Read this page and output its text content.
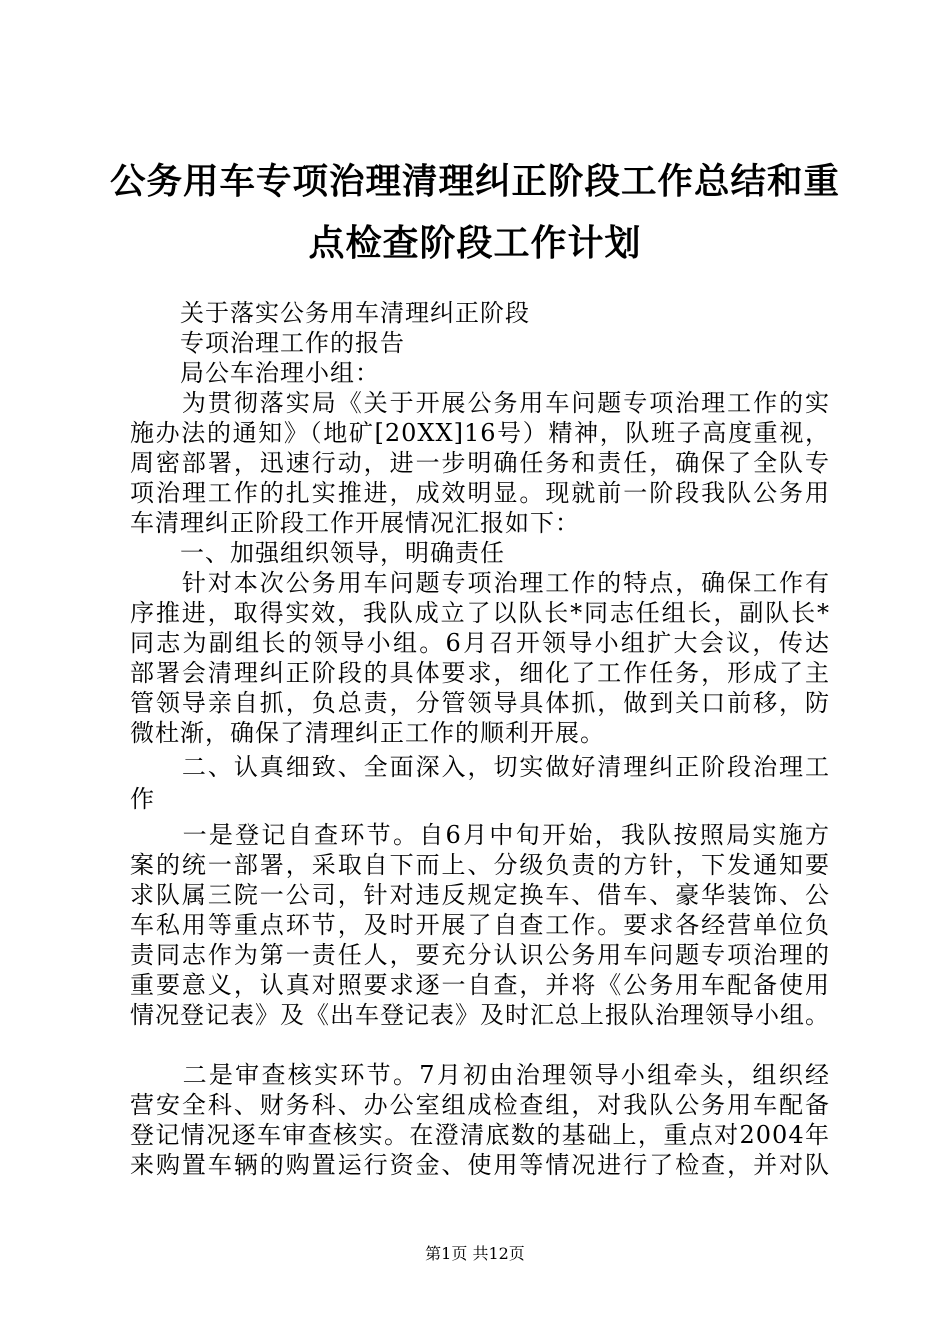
公务用车专项治理清理纠正阶段工作总结和重
点检查阶段工作计划
　　关于落实公务用车清理纠正阶段
　　专项治理工作的报告
　　局公车治理小组：
　　为贯彻落实局《关于开展公务用车问题专项治理工作的实
施办法的通知》（地矿[20XX]16号）精神，队班子高度重视，
周密部署，迅速行动，进一步明确任务和责任，确保了全队专
项治理工作的扎实推进，成效明显。现就前一阶段我队公务用
车清理纠正阶段工作开展情况汇报如下：
　　一、加强组织领导，明确责任
　　针对本次公务用车问题专项治理工作的特点，确保工作有
序推进，取得实效，我队成立了以队长*同志任组长，副队长*
同志为副组长的领导小组。6月召开领导小组扩大会议，传达
部署会清理纠正阶段的具体要求，细化了工作任务，形成了主
管领导亲自抓，负总责，分管领导具体抓，做到关口前移，防
微杜渐，确保了清理纠正工作的顺利开展。
　　二、认真细致、全面深入，切实做好清理纠正阶段治理工
作
　　一是登记自查环节。自6月中旬开始，我队按照局实施方
案的统一部署，采取自下而上、分级负责的方针，下发通知要
求队属三院一公司，针对违反规定换车、借车、豪华装饰、公
车私用等重点环节，及时开展了自查工作。要求各经营单位负
责同志作为第一责任人，要充分认识公务用车问题专项治理的
重要意义，认真对照要求逐一自查，并将《公务用车配备使用
情况登记表》及《出车登记表》及时汇总上报队治理领导小组。
　　二是审查核实环节。7月初由治理领导小组牵头，组织经
营安全科、财务科、办公室组成检查组，对我队公务用车配备
登记情况逐车审查核实。在澄清底数的基础上，重点对2004年
来购置车辆的购置运行资金、使用等情况进行了检查，并对队
第1页 共12页
